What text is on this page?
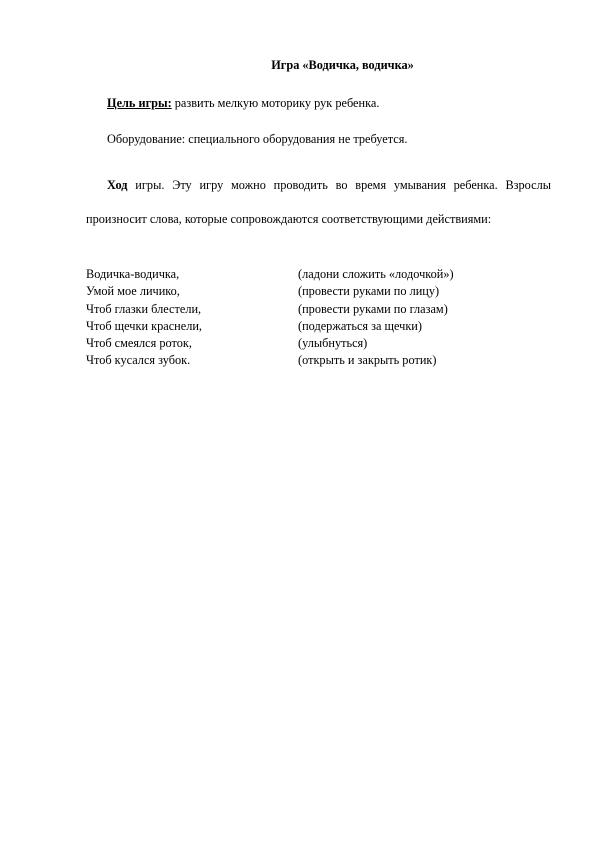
Игра «Водичка, водичка»
Цель игры: развить мелкую моторику рук ребенка.
Оборудование: специального оборудования не требуется.
Ход игры. Эту игру можно проводить во время умывания ребенка. Взрослы произносит слова, которые сопровождаются соответствующими действиями:
Водичка-водичка,	(ладони сложить «лодочкой»)
Умой мое личико,	(провести руками по лицу)
Чтоб глазки блестели,	(провести руками по глазам)
Чтоб щечки краснели,	(подержаться за щечки)
Чтоб смеялся роток,	(улыбнуться)
Чтоб кусался зубок.	(открыть и закрыть ротик)
